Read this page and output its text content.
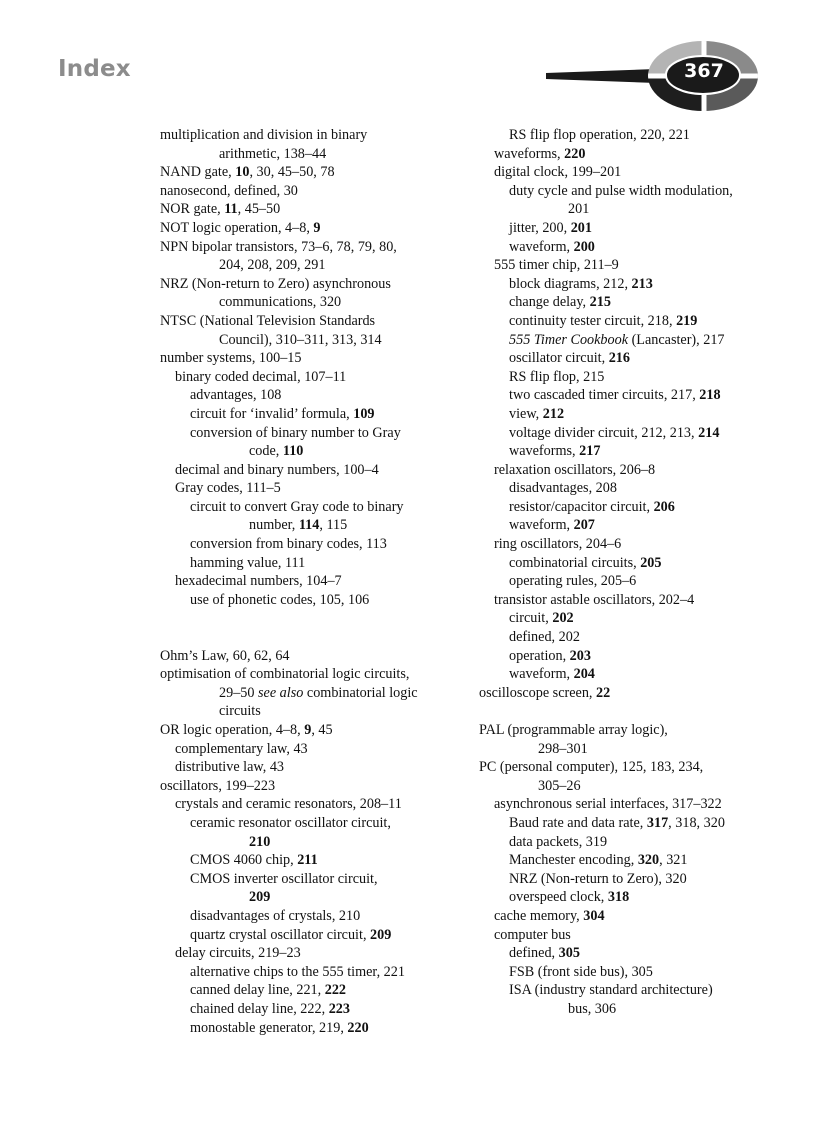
Index	367
multiplication and division in binary
arithmetic, 138–44
NAND gate, 10, 30, 45–50, 78
nanosecond, defined, 30
NOR gate, 11, 45–50
NOT logic operation, 4–8, 9
NPN bipolar transistors, 73–6, 78, 79, 80,
204, 208, 209, 291
NRZ (Non-return to Zero) asynchronous
communications, 320
NTSC (National Television Standards
Council), 310–311, 313, 314
number systems, 100–15
binary coded decimal, 107–11
advantages, 108
circuit for ‘invalid’ formula, 109
conversion of binary number to Gray
code, 110
decimal and binary numbers, 100–4
Gray codes, 111–5
circuit to convert Gray code to binary
number, 114, 115
conversion from binary codes, 113
hamming value, 111
hexadecimal numbers, 104–7
use of phonetic codes, 105, 106
Ohm’s Law, 60, 62, 64
optimisation of combinatorial logic circuits,
29–50 see also combinatorial logic
circuits
OR logic operation, 4–8, 9, 45
complementary law, 43
distributive law, 43
oscillators, 199–223
crystals and ceramic resonators, 208–11
ceramic resonator oscillator circuit,
210
CMOS 4060 chip, 211
CMOS inverter oscillator circuit,
209
disadvantages of crystals, 210
quartz crystal oscillator circuit, 209
delay circuits, 219–23
alternative chips to the 555 timer, 221
canned delay line, 221, 222
chained delay line, 222, 223
monostable generator, 219, 220
RS flip flop operation, 220, 221
waveforms, 220
digital clock, 199–201
duty cycle and pulse width modulation,
201
jitter, 200, 201
waveform, 200
555 timer chip, 211–9
block diagrams, 212, 213
change delay, 215
continuity tester circuit, 218, 219
555 Timer Cookbook (Lancaster), 217
oscillator circuit, 216
RS flip flop, 215
two cascaded timer circuits, 217, 218
view, 212
voltage divider circuit, 212, 213, 214
waveforms, 217
relaxation oscillators, 206–8
disadvantages, 208
resistor/capacitor circuit, 206
waveform, 207
ring oscillators, 204–6
combinatorial circuits, 205
operating rules, 205–6
transistor astable oscillators, 202–4
circuit, 202
defined, 202
operation, 203
waveform, 204
oscilloscope screen, 22
PAL (programmable array logic),
298–301
PC (personal computer), 125, 183, 234,
305–26
asynchronous serial interfaces, 317–322
Baud rate and data rate, 317, 318, 320
data packets, 319
Manchester encoding, 320, 321
NRZ (Non-return to Zero), 320
overspeed clock, 318
cache memory, 304
computer bus
defined, 305
FSB (front side bus), 305
ISA (industry standard architecture)
bus, 306
